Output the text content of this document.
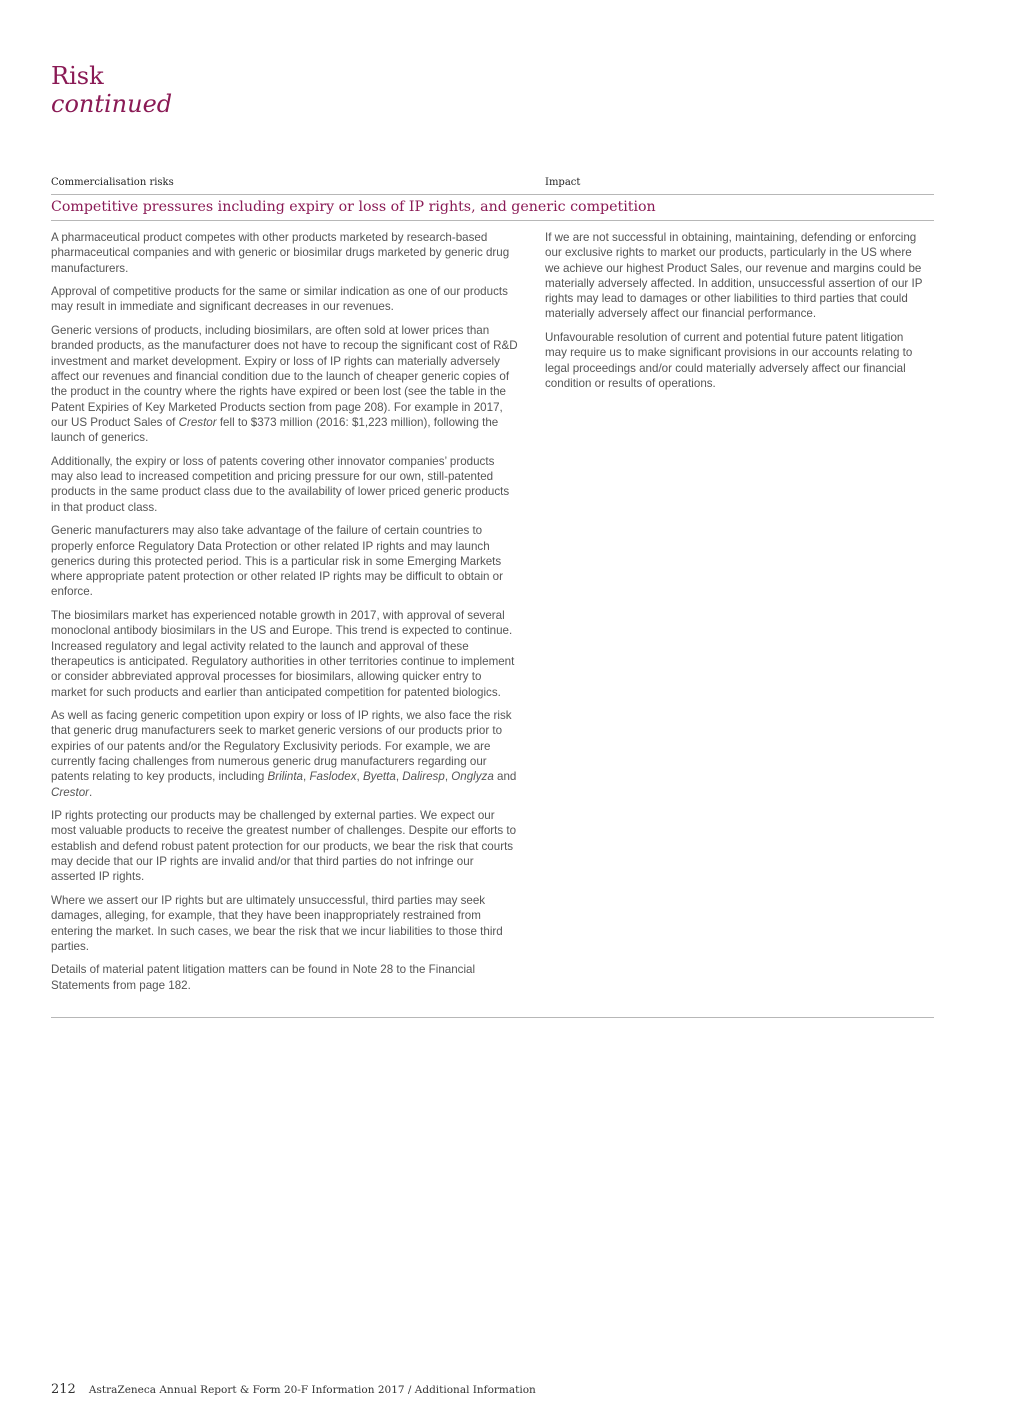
Risk
continued
Commercialisation risks	Impact
Competitive pressures including expiry or loss of IP rights, and generic competition

A pharmaceutical product competes with other products marketed by research-based pharmaceutical companies and with generic or biosimilar drugs marketed by generic drug manufacturers.

Approval of competitive products for the same or similar indication as one of our products may result in immediate and significant decreases in our revenues.

Generic versions of products, including biosimilars, are often sold at lower prices than branded products, as the manufacturer does not have to recoup the significant cost of R&D investment and market development. Expiry or loss of IP rights can materially adversely affect our revenues and financial condition due to the launch of cheaper generic copies of the product in the country where the rights have expired or been lost (see the table in the Patent Expiries of Key Marketed Products section from page 208). For example in 2017, our US Product Sales of Crestor fell to $373 million (2016: $1,223 million), following the launch of generics.

Additionally, the expiry or loss of patents covering other innovator companies’ products may also lead to increased competition and pricing pressure for our own, still-patented products in the same product class due to the availability of lower priced generic products in that product class.

Generic manufacturers may also take advantage of the failure of certain countries to properly enforce Regulatory Data Protection or other related IP rights and may launch generics during this protected period. This is a particular risk in some Emerging Markets where appropriate patent protection or other related IP rights may be difficult to obtain or enforce.

The biosimilars market has experienced notable growth in 2017, with approval of several monoclonal antibody biosimilars in the US and Europe. This trend is expected to continue. Increased regulatory and legal activity related to the launch and approval of these therapeutics is anticipated. Regulatory authorities in other territories continue to implement or consider abbreviated approval processes for biosimilars, allowing quicker entry to market for such products and earlier than anticipated competition for patented biologics.

As well as facing generic competition upon expiry or loss of IP rights, we also face the risk that generic drug manufacturers seek to market generic versions of our products prior to expiries of our patents and/or the Regulatory Exclusivity periods. For example, we are currently facing challenges from numerous generic drug manufacturers regarding our patents relating to key products, including Brilinta, Faslodex, Byetta, Daliresp, Onglyza and Crestor.

IP rights protecting our products may be challenged by external parties. We expect our most valuable products to receive the greatest number of challenges. Despite our efforts to establish and defend robust patent protection for our products, we bear the risk that courts may decide that our IP rights are invalid and/or that third parties do not infringe our asserted IP rights.

Where we assert our IP rights but are ultimately unsuccessful, third parties may seek damages, alleging, for example, that they have been inappropriately restrained from entering the market. In such cases, we bear the risk that we incur liabilities to those third parties.

Details of material patent litigation matters can be found in Note 28 to the Financial Statements from page 182.

If we are not successful in obtaining, maintaining, defending or enforcing our exclusive rights to market our products, particularly in the US where we achieve our highest Product Sales, our revenue and margins could be materially adversely affected. In addition, unsuccessful assertion of our IP rights may lead to damages or other liabilities to third parties that could materially adversely affect our financial performance.

Unfavourable resolution of current and potential future patent litigation may require us to make significant provisions in our accounts relating to legal proceedings and/or could materially adversely affect our financial condition or results of operations.

212 AstraZeneca Annual Report & Form 20-F Information 2017 / Additional Information
